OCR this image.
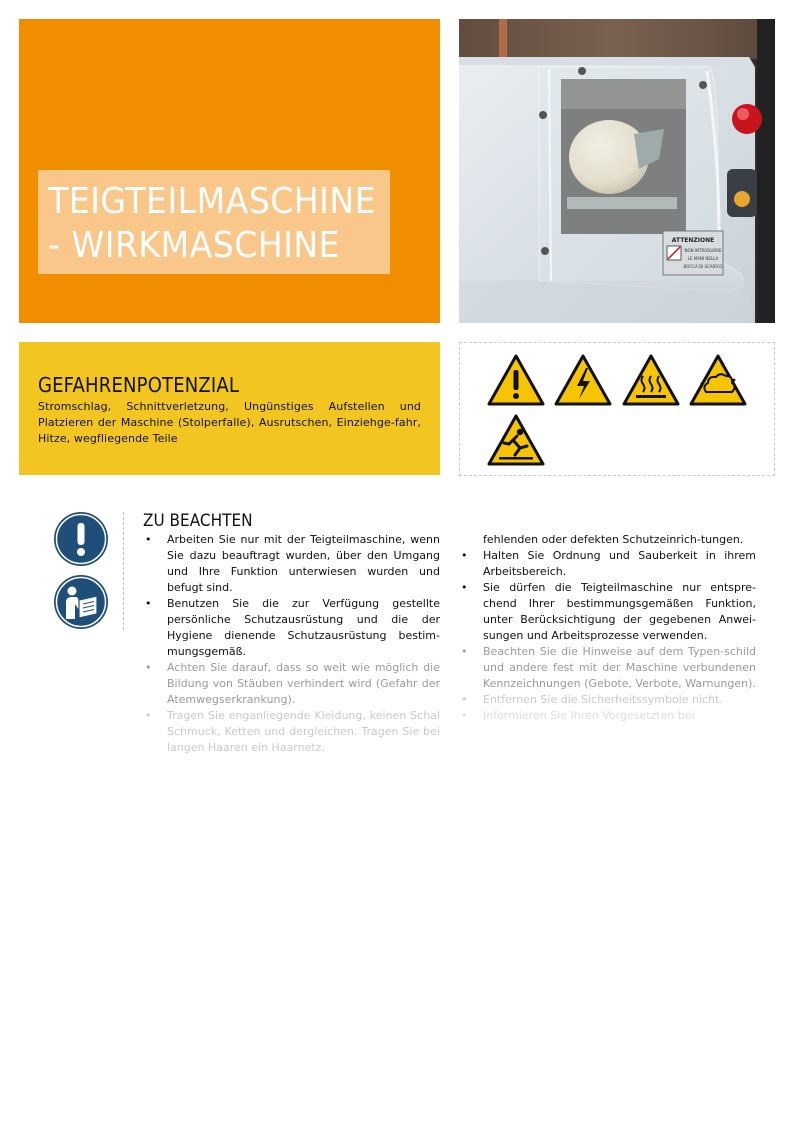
TEIGTEILMASCHINE
- WIRKMASCHINE	ATTENZIONE
NON INTRODURRE
LE MANI NELLA
BOCCA DI SCARICO
GEFAHRENPOTENZIAL
Stromschlag, Schnittverletzung, Ungünstiges Aufstellen und Platzieren der Maschine (Stolperfalle), Ausrutschen, Einziehge-fahr, Hitze, wegfliegende Teile
ZU BEACHTEN
• Arbeiten Sie nur mit der Teigteilmaschine, wenn Sie dazu beauftragt wurden, über den Umgang und Ihre Funktion unterwiesen wurden und befugt sind.
• Benutzen Sie die zur Verfügung gestellte persönliche Schutzausrüstung und die der Hygiene dienende Schutzausrüstung bestim-mungsgemäß.
• Achten Sie darauf, dass so weit wie möglich die Bildung von Stäuben verhindert wird (Gefahr der Atemwegserkrankung).
• Tragen Sie enganliegende Kleidung, keinen Schal Schmuck, Ketten und dergleichen. Tragen Sie bei langen Haaren ein Haarnetz.
fehlenden oder defekten Schutzeinrich-tungen.
• Halten Sie Ordnung und Sauberkeit in ihrem Arbeitsbereich.
• Sie dürfen die Teigteilmaschine nur entspre-chend Ihrer bestimmungsgemäßen Funktion, unter Berücksichtigung der gegebenen Anwei-sungen und Arbeitsprozesse verwenden.
• Beachten Sie die Hinweise auf dem Typen-schild und andere fest mit der Maschine verbundenen Kennzeichnungen (Gebote, Verbote, Warnungen).
• Entfernen Sie die Sicherheitssymbole nicht.
• Informieren Sie Ihren Vorgesetzten bei
